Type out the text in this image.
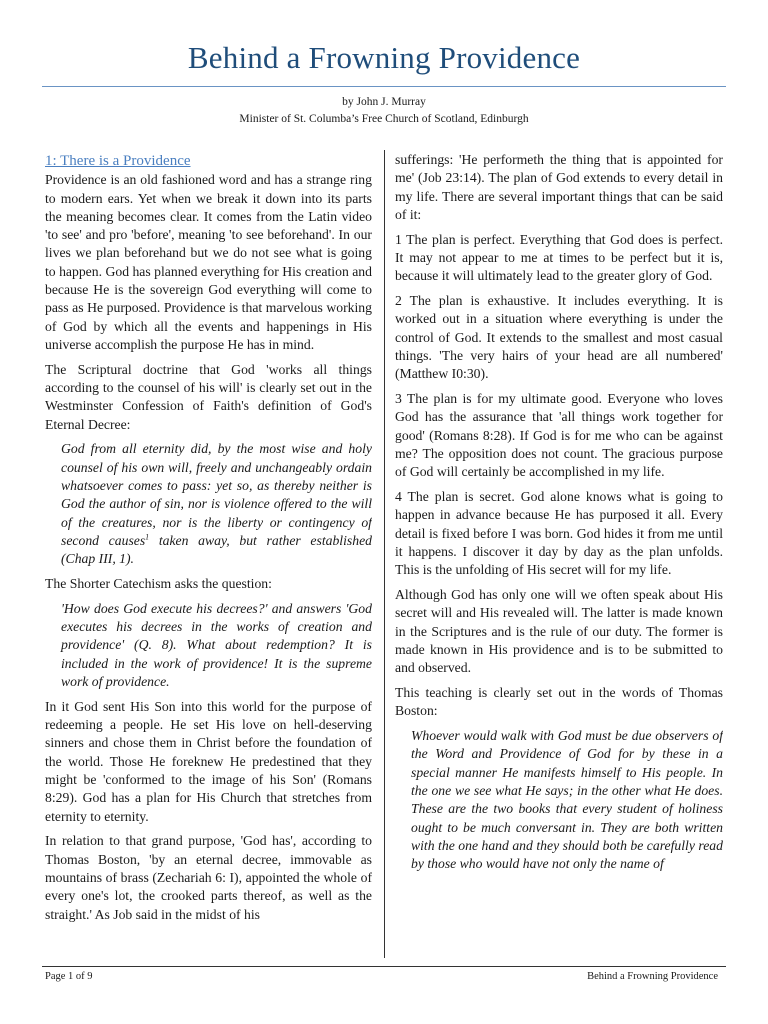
Behind a Frowning Providence
by John J. Murray
Minister of St. Columba’s Free Church of Scotland, Edinburgh
1: There is a Providence

Providence is an old fashioned word and has a strange ring to modern ears. Yet when we break it down into its parts the meaning becomes clear. It comes from the Latin video 'to see' and pro 'before', meaning 'to see beforehand'. In our lives we plan beforehand but we do not see what is going to happen. God has planned everything for His creation and because He is the sovereign God everything will come to pass as He purposed. Providence is that marvelous working of God by which all the events and happenings in His universe accomplish the purpose He has in mind.

The Scriptural doctrine that God 'works all things according to the counsel of his will' is clearly set out in the Westminster Confession of Faith's definition of God's Eternal Decree:

God from all eternity did, by the most wise and holy counsel of his own will, freely and unchangeably ordain whatsoever comes to pass: yet so, as thereby neither is God the author of sin, nor is violence offered to the will of the creatures, nor is the liberty or contingency of second causes$^1$ taken away, but rather established (Chap III, 1).

The Shorter Catechism asks the question:

'How does God execute his decrees?' and answers 'God executes his decrees in the works of creation and providence' (Q. 8). What about redemption? It is included in the work of providence! It is the supreme work of providence.

In it God sent His Son into this world for the purpose of redeeming a people. He set His love on hell-deserving sinners and chose them in Christ before the foundation of the world. Those He foreknew He predestined that they might be 'conformed to the image of his Son' (Romans 8:29). God has a plan for His Church that stretches from eternity to eternity.

In relation to that grand purpose, 'God has', according to Thomas Boston, 'by an eternal decree, immovable as mountains of brass (Zechariah 6: I), appointed the whole of every one's lot, the crooked parts thereof, as well as the straight.' As Job said in the midst of his

sufferings: 'He performeth the thing that is appointed for me' (Job 23:14). The plan of God extends to every detail in my life. There are several important things that can be said of it:

1 The plan is perfect. Everything that God does is perfect. It may not appear to me at times to be perfect but it is, because it will ultimately lead to the greater glory of God.

2 The plan is exhaustive. It includes everything. It is worked out in a situation where everything is under the control of God. It extends to the smallest and most casual things. 'The very hairs of your head are all numbered' (Matthew I0:30).

3 The plan is for my ultimate good. Everyone who loves God has the assurance that 'all things work together for good' (Romans 8:28). If God is for me who can be against me? The opposition does not count. The gracious purpose of God will certainly be accomplished in my life.

4 The plan is secret. God alone knows what is going to happen in advance because He has purposed it all. Every detail is fixed before I was born. God hides it from me until it happens. I discover it day by day as the plan unfolds. This is the unfolding of His secret will for my life.

Although God has only one will we often speak about His secret will and His revealed will. The latter is made known in the Scriptures and is the rule of our duty. The former is made known in His providence and is to be submitted to and observed.

This teaching is clearly set out in the words of Thomas Boston:

Whoever would walk with God must be due observers of the Word and Providence of God for by these in a special manner He manifests himself to His people. In the one we see what He says; in the other what He does. These are the two books that every student of holiness ought to be much conversant in. They are both written with the one hand and they should both be carefully read by those who would have not only the name of

Page 1 of 9	Behind a Frowning Providence
